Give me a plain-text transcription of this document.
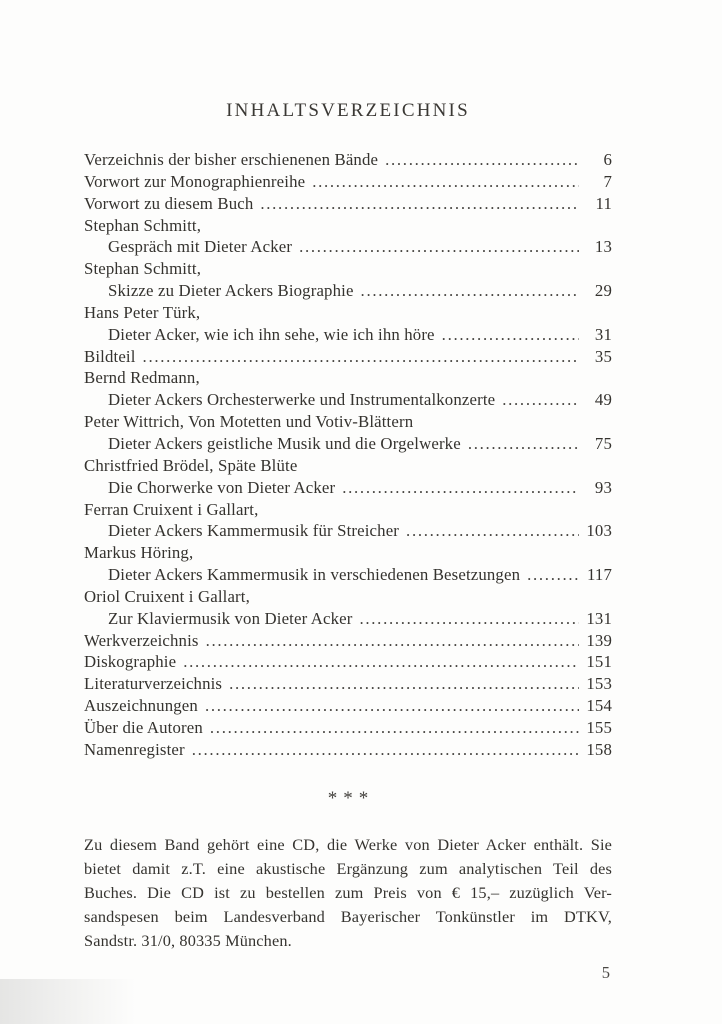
INHALTSVERZEICHNIS
Verzeichnis der bisher erschienenen Bände .....	6
Vorwort zur Monographienreihe .....	7
Vorwort zu diesem Buch .....	11
Stephan Schmitt,
Gespräch mit Dieter Acker .....	13
Stephan Schmitt,
Skizze zu Dieter Ackers Biographie .....	29
Hans Peter Türk,
Dieter Acker, wie ich ihn sehe, wie ich ihn höre .....	31
Bildteil .....	35
Bernd Redmann,
Dieter Ackers Orchesterwerke und Instrumentalkonzerte .....	49
Peter Wittrich, Von Motetten und Votiv-Blättern
Dieter Ackers geistliche Musik und die Orgelwerke .....	75
Christfried Brödel, Späte Blüte
Die Chorwerke von Dieter Acker .....	93
Ferran Cruixent i Gallart,
Dieter Ackers Kammermusik für Streicher .....	103
Markus Höring,
Dieter Ackers Kammermusik in verschiedenen Besetzungen .....	117
Oriol Cruixent i Gallart,
Zur Klaviermusik von Dieter Acker .....	131
Werkverzeichnis .....	139
Diskographie .....	151
Literaturverzeichnis .....	153
Auszeichnungen .....	154
Über die Autoren .....	155
Namenregister .....	158
***
Zu diesem Band gehört eine CD, die Werke von Dieter Acker enthält. Sie
bietet damit z.T. eine akustische Ergänzung zum analytischen Teil des
Buches. Die CD ist zu bestellen zum Preis von € 15,– zuzüglich Ver-
sandspesen beim Landesverband Bayerischer Tonkünstler im DTKV,
Sandstr. 31/0, 80335 München.
5
